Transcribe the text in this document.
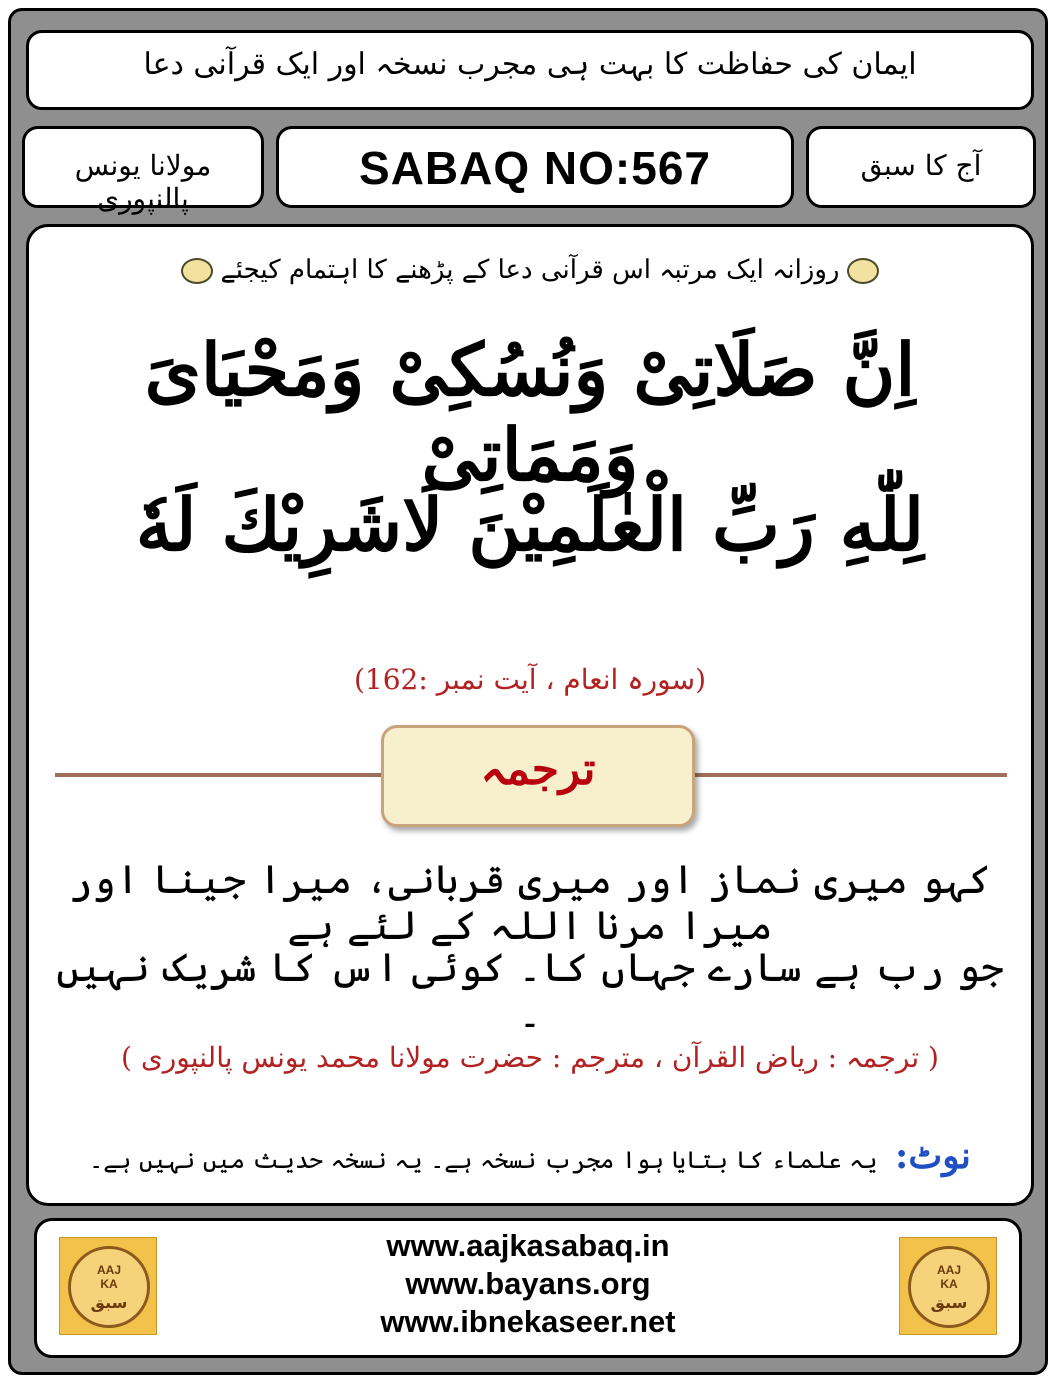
ایمان کی حفاظت کا بہت ہی مجرب نسخہ اور ایک قرآنی دعا
مولانا یونس پالنپوری
SABAQ NO:567	آج کا سبق
روزانہ ایک مرتبہ اس قرآنی دعا کے پڑھنے کا اہتمام کیجئے
اِنَّ صَلَاتِیْ وَنُسُکِیْ وَمَحْیَایَ وَمَمَاتِیْ
لِلّٰهِ رَبِّ الْعٰلَمِیْنَ لَاشَرِیْكَ لَهٗ
(سورہ انعام ، آیت نمبر :162)
ترجمہ
کہو میری نماز اور میری قربانی، میرا جینا اور میرا مرنا اللہ کے لئے ہے
جو رب ہے سارے جہاں کا۔ کوئی اس کا شریک نہیں ۔
( ترجمہ : ریاض القرآن ، مترجم : حضرت مولانا محمد یونس پالنپوری )
نوٹ: یہ علماء کا بتایا ہوا مجرب نسخہ ہے۔ یہ نسخہ حدیث میں نہیں ہے۔
AAJ
KA
سبق
www.aajkasabaq.in
www.bayans.org
www.ibnekaseer.net
AAJ
KA
سبق
